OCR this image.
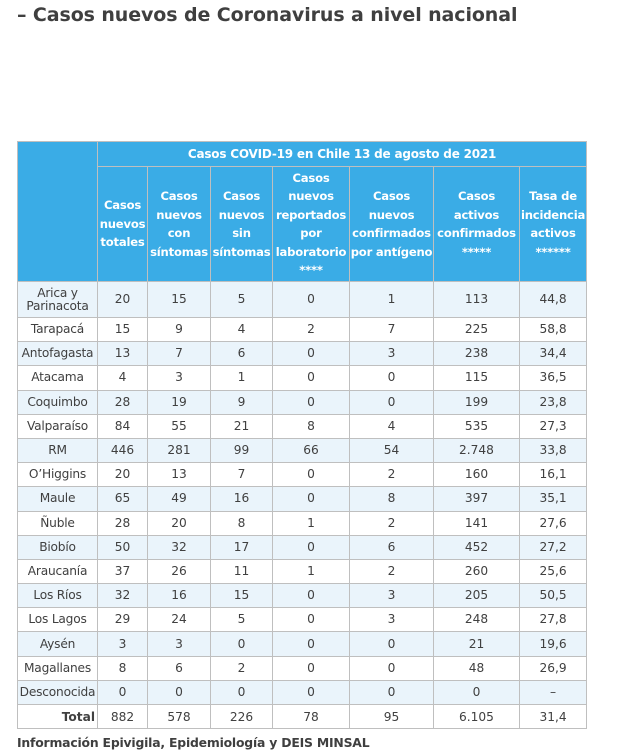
– Casos nuevos de Coronavirus a nivel nacional
	Casos COVID-19 en Chile 13 de agosto de 2021						
	Casos nuevos totales	Casos nuevos con síntomas	Casos nuevos sin síntomas	Casos nuevos reportados por laboratorio ****	Casos nuevos confirmados por antígeno	Casos activos confirmados *****	Tasa de incidencia activos ******
Arica y Parinacota	20	15	5	0	1	113	44,8
Tarapacá	15	9	4	2	7	225	58,8
Antofagasta	13	7	6	0	3	238	34,4
Atacama	4	3	1	0	0	115	36,5
Coquimbo	28	19	9	0	0	199	23,8
Valparaíso	84	55	21	8	4	535	27,3
RM	446	281	99	66	54	2.748	33,8
O’Higgins	20	13	7	0	2	160	16,1
Maule	65	49	16	0	8	397	35,1
Ñuble	28	20	8	1	2	141	27,6
Biobío	50	32	17	0	6	452	27,2
Araucanía	37	26	11	1	2	260	25,6
Los Ríos	32	16	15	0	3	205	50,5
Los Lagos	29	24	5	0	3	248	27,8
Aysén	3	3	0	0	0	21	19,6
Magallanes	8	6	2	0	0	48	26,9
Desconocida	0	0	0	0	0	0	–
Total	882	578	226	78	95	6.105	31,4
Información Epivigila, Epidemiología y DEIS MINSAL
